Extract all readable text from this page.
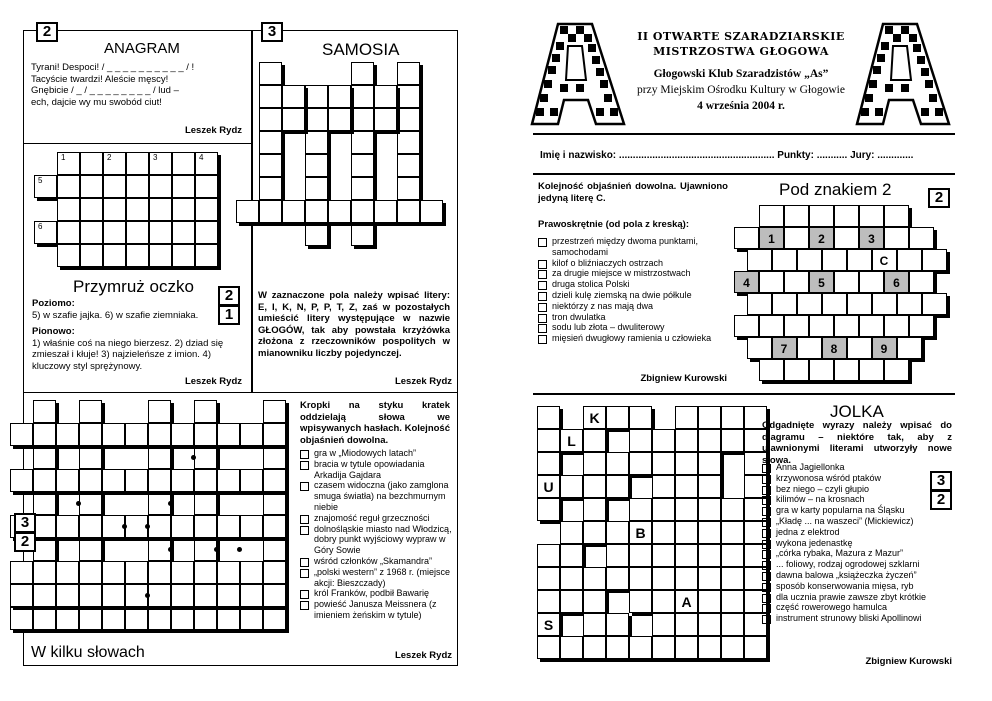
2
ANAGRAM
Tyrani! Despoci! / _ _ _ _ _ _ _ _ _ _ / !
Tacyście twardzi! Aleście męscy!
Gnębicie / _ / _ _ _ _ _ _ _ _ / lud –
ech, dajcie wy mu swobód ciut!
Leszek Rydz
3
SAMOSIA
W zaznaczone pola należy wpisać litery: E, I, K, N, P, P, T, Z, zaś w pozostałych umieścić litery występujące w nazwie GŁOGÓW, tak aby powstała krzyżówka złożona z rzeczowników pospolitych w mianowniku liczby pojedynczej.
Leszek Rydz
1	2	3	4
5
6
Przymruż oczko	2
1
Poziomo:
5) w szafie jajka. 6) w szafie ziemniaka.
Pionowo:
1) właśnie coś na niego bierzesz. 2) dziad się zmieszał i kłuje! 3) najzieleńsze z imion. 4) kluczowy styl sprężynowy.
Leszek Rydz
3
2
W kilku słowach
Kropki na styku kratek oddzielają słowa we wpisywanych hasłach. Kolejność objaśnień dowolna.
gra w „Miodowych latach”
bracia w tytule opowiadania Arkadija Gajdara
czasem widoczna (jako zamglona smuga światła) na bezchmurnym niebie
znajomość reguł grzeczności
dolnośląskie miasto nad Włodzicą, dobry punkt wyjściowy wypraw w Góry Sowie
wśród członków „Skamandra”
„polski western” z 1968 r. (miejsce akcji: Bieszczady)
król Franków, podbił Bawarię
powieść Janusza Meissnera (z imieniem żeńskim w tytule)
Leszek Rydz
II OTWARTE SZARADZIARSKIE
MISTRZOSTWA GŁOGOWA
Głogowski Klub Szaradzistów „As”
przy Miejskim Ośrodku Kultury w Głogowie
4 września 2004 r.
Imię i nazwisko: ........................................................ Punkty: ........... Jury: .............
Kolejność objaśnień dowolna. Ujawniono jedyną literę C.	Pod znakiem 2	2
Prawoskrętnie (od pola z kreską):
przestrzeń między dwoma punktami, samochodami
kilof o bliźniaczych ostrzach
za drugie miejsce w mistrzostwach
druga stolica Polski
dzieli kulę ziemską na dwie półkule
niektórzy z nas mają dwa
tron dwulatka
sodu lub złota – dwuliterowy
mięsień dwugłowy ramienia u człowieka
Zbigniew Kurowski
1	2	3
C
4	5	6
7	8	9
K
L
U
B
A
S
JOLKA
Odgadnięte wyrazy należy wpisać do diagramu – niektóre tak, aby z ujawnionymi literami utworzyły nowe słowa.
3
2
Anna Jagiellonka
krzywonosa wśród ptaków
bez niego – czyli głupio
kilimów – na krosnach
gra w karty popularna na Śląsku
„Kładę ... na waszeci” (Mickiewicz)
jedna z elektrod
wykona jedenastkę
„córka rybaka, Mazura z Mazur”
... foliowy, rodzaj ogrodowej szklarni
dawna balowa „książeczka życzeń”
sposób konserwowania mięsa, ryb
dla ucznia prawie zawsze zbyt krótkie
część rowerowego hamulca
instrument strunowy bliski Apollinowi
Zbigniew Kurowski
